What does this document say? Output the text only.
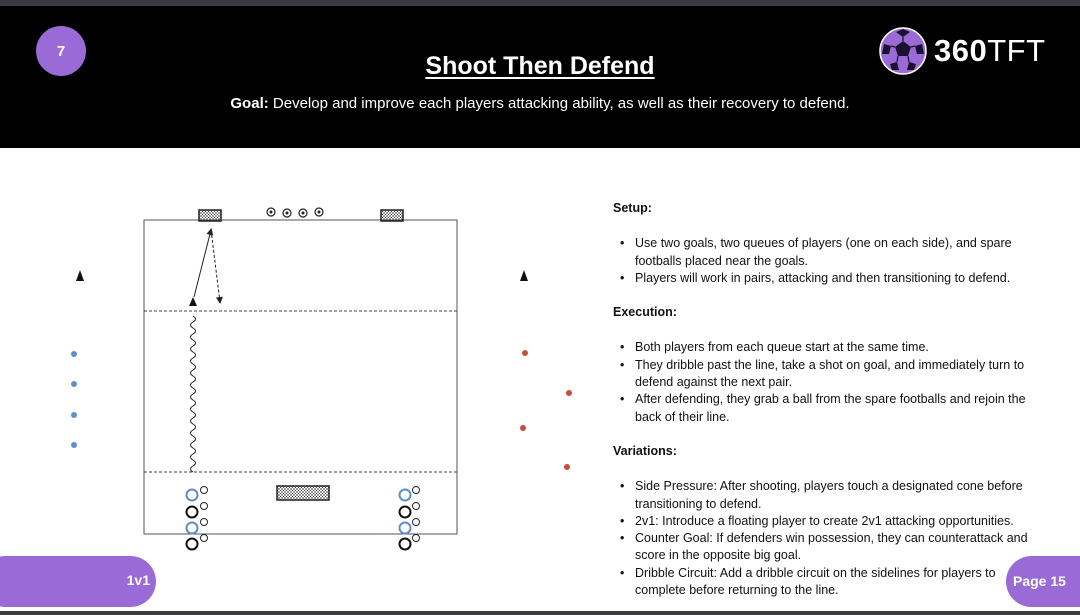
7
Shoot Then Defend
Goal: Develop and improve each players attacking ability, as well as their recovery to defend.
360TFT
Setup:
• Use two goals, two queues of players (one on each side), and spare footballs placed near the goals.
• Players will work in pairs, attacking and then transitioning to defend.
Execution:
• Both players from each queue start at the same time.
• They dribble past the line, take a shot on goal, and immediately turn to defend against the next pair.
• After defending, they grab a ball from the spare footballs and rejoin the back of their line.
Variations:
• Side Pressure: After shooting, players touch a designated cone before transitioning to defend.
• 2v1: Introduce a floating player to create 2v1 attacking opportunities.
• Counter Goal: If defenders win possession, they can counterattack and score in the opposite big goal.
• Dribble Circuit: Add a dribble circuit on the sidelines for players to complete before returning to the line.
1v1	Page 15
